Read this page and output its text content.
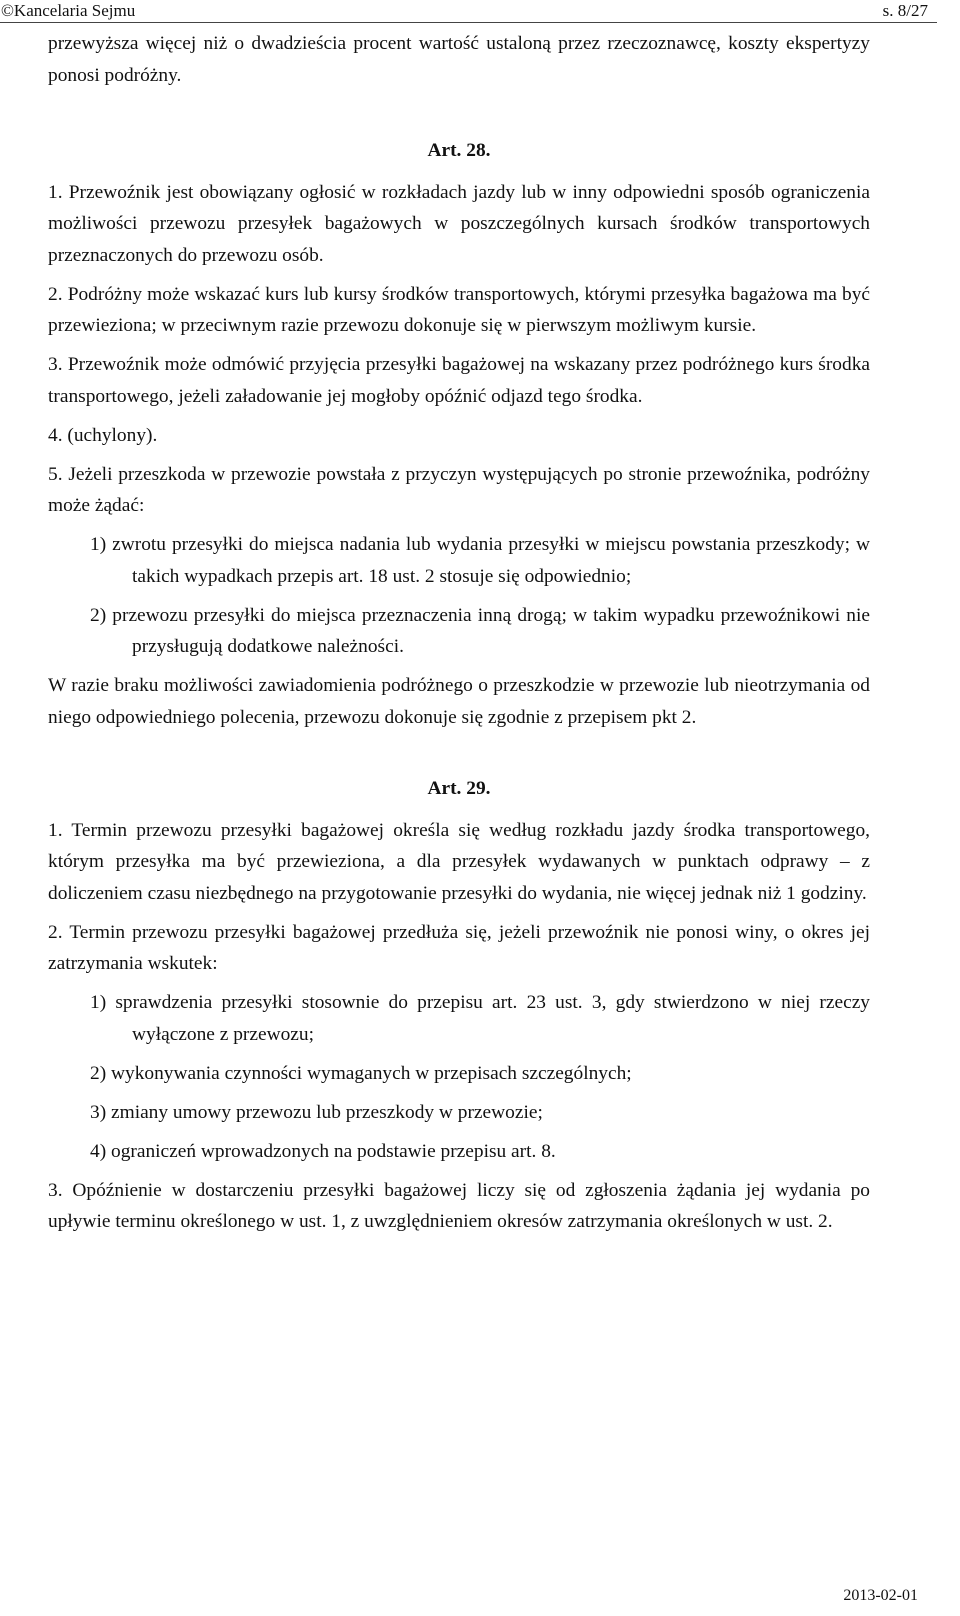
©Kancelaria Sejmu	s. 8/27

przewyższa więcej niż o dwadzieścia procent wartość ustaloną przez rzeczoznawcę, koszty ekspertyzy ponosi podróżny.

Art. 28.

1. Przewoźnik jest obowiązany ogłosić w rozkładach jazdy lub w inny odpowiedni sposób ograniczenia możliwości przewozu przesyłek bagażowych w poszczególnych kursach środków transportowych przeznaczonych do przewozu osób.

2. Podróżny może wskazać kurs lub kursy środków transportowych, którymi przesyłka bagażowa ma być przewieziona; w przeciwnym razie przewozu dokonuje się w pierwszym możliwym kursie.

3. Przewoźnik może odmówić przyjęcia przesyłki bagażowej na wskazany przez podróżnego kurs środka transportowego, jeżeli załadowanie jej mogłoby opóźnić odjazd tego środka.

4. (uchylony).

5. Jeżeli przeszkoda w przewozie powstała z przyczyn występujących po stronie przewoźnika, podróżny może żądać:

1) zwrotu przesyłki do miejsca nadania lub wydania przesyłki w miejscu powstania przeszkody; w takich wypadkach przepis art. 18 ust. 2 stosuje się odpowiednio;

2) przewozu przesyłki do miejsca przeznaczenia inną drogą; w takim wypadku przewoźnikowi nie przysługują dodatkowe należności.

W razie braku możliwości zawiadomienia podróżnego o przeszkodzie w przewozie lub nieotrzymania od niego odpowiedniego polecenia, przewozu dokonuje się zgodnie z przepisem pkt 2.

Art. 29.

1. Termin przewozu przesyłki bagażowej określa się według rozkładu jazdy środka transportowego, którym przesyłka ma być przewieziona, a dla przesyłek wydawanych w punktach odprawy – z doliczeniem czasu niezbędnego na przygotowanie przesyłki do wydania, nie więcej jednak niż 1 godziny.

2. Termin przewozu przesyłki bagażowej przedłuża się, jeżeli przewoźnik nie ponosi winy, o okres jej zatrzymania wskutek:

1) sprawdzenia przesyłki stosownie do przepisu art. 23 ust. 3, gdy stwierdzono w niej rzeczy wyłączone z przewozu;

2) wykonywania czynności wymaganych w przepisach szczególnych;

3) zmiany umowy przewozu lub przeszkody w przewozie;

4) ograniczeń wprowadzonych na podstawie przepisu art. 8.

3. Opóźnienie w dostarczeniu przesyłki bagażowej liczy się od zgłoszenia żądania jej wydania po upływie terminu określonego w ust. 1, z uwzględnieniem okresów zatrzymania określonych w ust. 2.

2013-02-01
